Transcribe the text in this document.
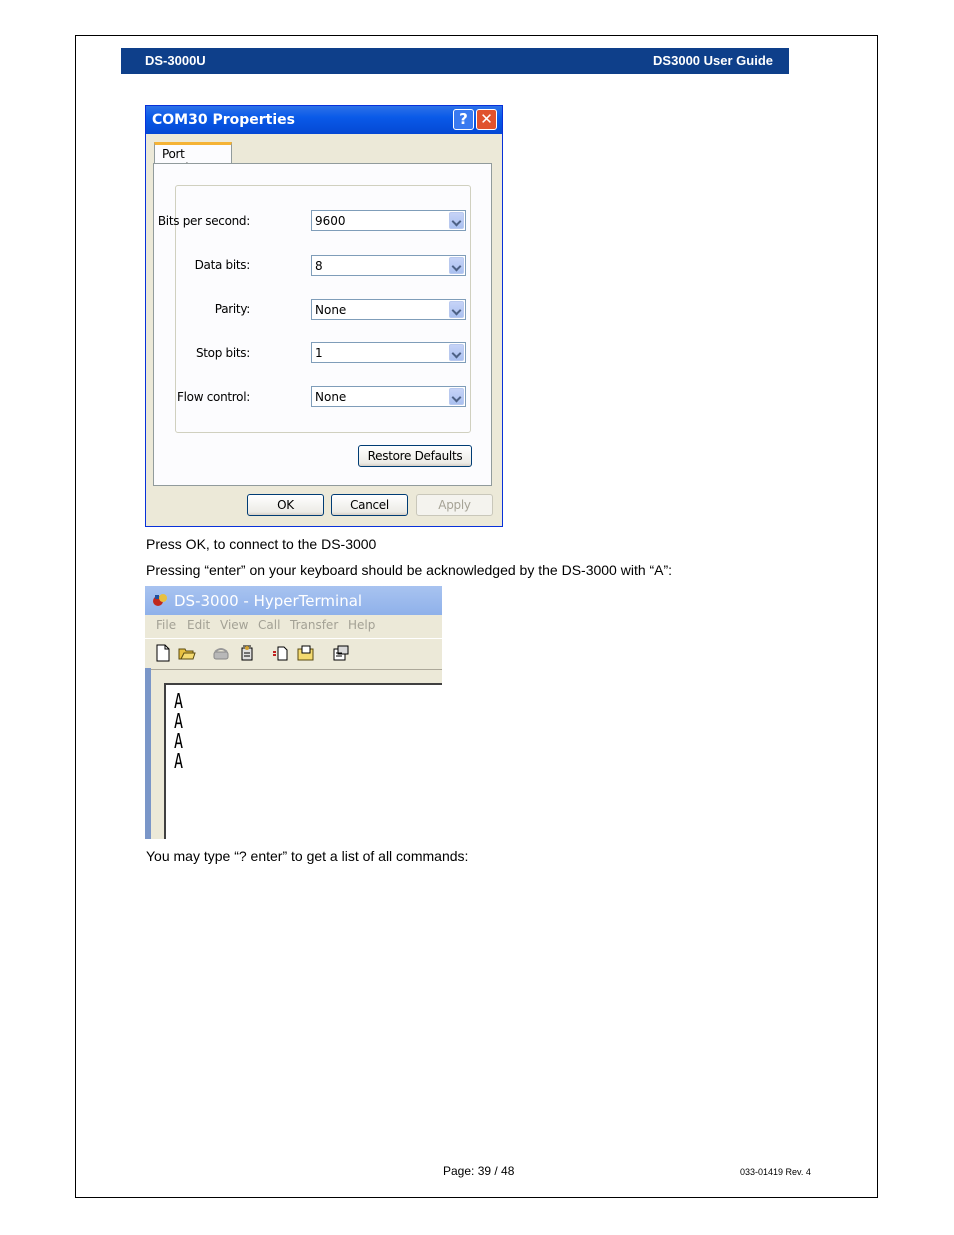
DS-3000U	DS3000 User Guide
COM30 Properties	? ✕
Port
Bits per second:	9600
Data bits:	8
Parity:	None
Stop bits:	1
Flow control:	None
Restore Defaults
OK	Cancel	Apply
Press OK, to connect to the DS-3000
Pressing “enter” on your keyboard should be acknowledged by the DS-3000 with “A”:
DS-3000 - HyperTerminal
File Edit View Call Transfer Help
A
A
A
A
You may type “? enter” to get a list of all commands:
Page: 39 / 48	033-01419 Rev. 4
